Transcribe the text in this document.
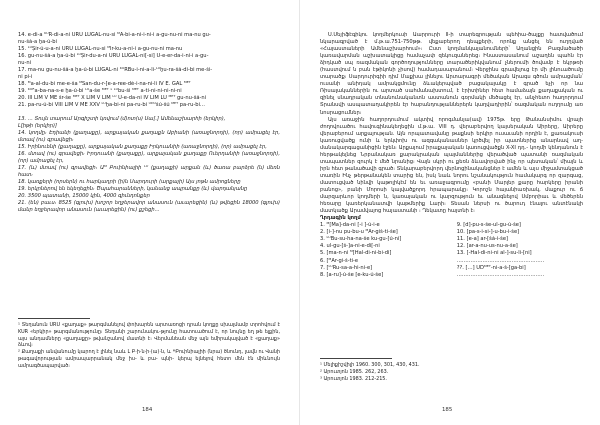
14. e-di-a ᴷᵁR-di-a-ni URU LUGÁL-nu-si ᴹA-bi-a-ni-i-ni-i a-gu-nu-ni ma-nu gu-
nu-šá-a ḫa-ú-bi
15. ᴸᵁṨir-ú-u-a-ni URU LUGÁL-nu-si ᴹIr-ku-a-ni-i a-gu-nu-ni ma-nu
16. gu-nu-šá-a ḫa-ú-bi ᴸᵁṨir-du-a-ni URU LUGÁL-ni[-si] Ú-e-er-da-i-ni-i a-gu-
nu-ni
17. ma-nu gu-nu-šá-a ḫa-ú-bi LUGÁL-ni ᴷᵁRBu-i-ni-a-li-ᴸᵁḫu-ra-šá-di-bi me-ši-
ni pi-i
18. ᴹa-al-du-bi me-e-ša ᴹSan-du-r-[e-a-ree-dè-i-na-ni-li IV É. GAL ᴹᴱᵀ
19. ᴷᵁᴿa-ba-na-s-e ḫa-ú-bi ᴸᵁa-še ᴹᴱᵀ ˢ ᴸᵁbu-ši ᴹᴱᵀ a-ti-ni-ni-ni-ni-ni
20. III LIM V ME šr-še ᴹᴱᵀ X LIM V LIM ᴸᵁ Ú-e-da-ni IV LIM LU ᴹᴱᵀ gu-nu-šá-ni
21. pa-ru-ú-bi VIII LIM V ME XXV ᴸᵁḫa-bi-ni pa-ru-bi ᵁᴰᵁšú-šú ᴹᴱᵀ pa-ru-bi…
13. … Տույն տարում Արգիշտի կռվում (մ)ոտ(ս) Սա[.] Ամենաշխարհի (երկիր),
Լ[իթի (երկիր)]
14. կողմը։ Էդիանի (քաղաքը), արքայական քաղաքն Աբիանի (առաջնորդի), (որ) ամրացել էր, մտավ (ու) գրավեցի։
15. Իրինուենի (քաղաքը), արքայական քաղաքը Իրկուանիի (առաջնորդի), (որ) ամրացել էր,
16. մտավ (ու) գրավեցի։ Իրդուանի (քաղաքը), արքայական քաղաքը Ուերդանիի (առաջնորդի), (որ) ամրացել էր,
17. (և) մտավ (ու) գրավեցի։ Աᴹ Բուինիալիի ᴸᵁ (քաղաքի) արքան (և) ծառա բարձրե (ն) մեռն հատ։
18. կառքերի (որսերն) ու հարկադրի (ի)ն Սարդուրի (արքայի) Այս յոթն ամրոցները
19. երկրներով են եկեղեցին։ Ծպահարանների, կանանց ապրանքը (և) վարդանյանը
20. 3500 պատանի, 15000 կին, 4000 գիւնդոնքեր
21. (են) բաւս։ 8525 (գլուխ) խոշոր եղջերավոր անասուն (աւարեցին) (և) թվեցին 18000 (գլուխ) մանր եղջերավոր անասուն (աւարեցին) (ու) քշեցի…
¹ Տեղանուն URU «քաղաք» թարգմանելով փոխարեն արտառոցի դրան կողքը սխալմամբ տրոհվում է KUR «երկիր» թարգմանությունը։ Տեղանի շարունակու-թյունը հատուածում է, որ նույնը եղ թե ելքին, այս անդամները «քաղաքը» թվանշանով մատնի է։ Վերմանեան մեջ այն եմիրակալված է «քաղաք» ձևով։
² Քաղաքի անվանումը կարող է լինել նաև Լ Բ·ի·ն·ի·(ա)·ն, և ᴹԲուինիալիի (նրա) ծնունդ, լավն ու Վանի թագավորության ամրապարրանակ մեջ իս- և բա- պնի- կերպ ելնելով հետո մեն էն միևնույն ամրագծապարված։
184
Ս.Սեյիֆէգիկու կողմերկուսի Աարրուրի II-ի տարեգրության պեհիա-ծայքը հատվածում նկարագրված է մ.թ.ա.751-750թթ. վեքաբերող դեպքերի, որոնք անցել են ուղղված «Հայաստաների Ամենաշխարհում»։ Ըստ կողմանկալանումների՝ Աղանցին Բազմածածի կառավարման աշխատակիցը համաչափ զեկուզաներեց։ Ինաստասանում աշաղեն պահն էր ձիդկած սպ ռազմական գործողությունները տարածերիկվանում չներումի ծովամբ է եկրթռի (հաստվում ն բան էթիկոնի չիսով) համադասարանում։ Վերջինս գրավելուց էր մի լինուածումը տարածք։ Սարդուրիգիի դիմ Մաքխա լինելու Արտարագրի մեծական Արագս գծուն ամրացման՝ ուսանի անիդակ ամրակցմունը ձևակերպված բացակայակը է գրած եչի որ նա Ռիսալականներին ու արտած սահմանախտում, է էրիտիներ հետ համաձայն քաղաքական ու զինել սնադրական տնանունականտն աստանուն գռրմակի մեծացել էր, անչհետո հաղորդում Տրանսվի ասպատաղակիրեն էր հաբանդությաններերն կաղվադիրին՝ ռազմական ուղղումը առ նոսրացումներ։
Այս առաջին հաղորդումում ակտիվ որոգմանյա(ավ) 1975թ. երը Թանանսիմու վրայի ժողովուածու հավուգինակեղեցին մ.թ.ա. VIII դ. վերաբերվող կայսերական Աիրերը, Աիրերը վերաբերում արքայության. Այն որպատավանը թաքնսի երկիր ուսաւանի որդին է, քառակուսի կառուցվածք ունի և երկփոխ ու ազգականասներ կրծվել իր պատներից անարնավ աղ- մանակարգացանիցին էջեն։ Արքայում իրաքայական կառուցվածքն X-XI դդ.- կողմի կենդանուն է հերթակելնեց Նրբանակառ քարակրական պայմաններից վերածված պատանի ռազմական տապատներ զուրկ է մեծ նրանից։ Վայն սկրի ու քեռն ձևավորված ինչ որ պետական՝ միայն և իրն հետ թանածավի գրած։ Տնկարաբերվորդ վերնոցինականցներ է ամեն և այս միջամտակցած տառին Ինչ թերթանակեն տարից են, իսկ նաև նորու նշանակություն համակարգ որ զարգաց, մատուցված նինվի կաթոլիկէմ են եւ առաջագրումը «բանի Մարլեր քարը հարկերը իրանի բանոց», բանի Մորոսի կալվածքորդ հրապարակը։ Կորոշն հայանիառխակ, մաքուր ու ճ մարզարևոր կողմերի ն, կառայական ու կարզություն եւ անագնելով Սմբորիաւ և մեծերեն հեռարը կառերկանատվի կաթմերիք Լարի։ Տեսան ներսի ու ծարուդ էնալու անտէնակի մատկածք Արամվայոց հայաստանի ։ Ղեկատը հայտնի է։
Ղրդագին կողմ
1. ᴹ[Ma]-da-ni [-i ]-ú-i-e	9. [d]-pu-s-še-ul-gu-ú-še]
2. [i-]-nu pu-bu-u ᴹAr-giš-ti-še]	10. [pa-s-i-si-]-u-bu-i-še]
3. ᴸᵁBu-su-ha-na-še ku-gu-[ú-ni]	11. [e-a] ar-[šá-i-še]
4. ul-gu-[š-]a-ni-e-di[-ni	12. [ar-a-nu-us-nu-a-še]
5. [ma-n-ni ᴹ[Hal-di-ni-bi-di]	13. [-Hal-di-ni-ni al-]-su-li-[ni]
6. [ᴹAr-gi-š-ti-e	……………………………………………
7. [ᴸᵁRu-sa-a-hi-ni-e]	??. […] UDᴹᴱᵀ-ni-a-š-[ga-bi]
8. [a-ru]-ú-še [e-ku-ú-še]	……………………………………………
¹ Մելիքիշվիլի 1960. 300, 301, 430, 431.
² Արուտյոն 1985. 262, 263.
³ Արուտյոն 1983. 212-215.
185
